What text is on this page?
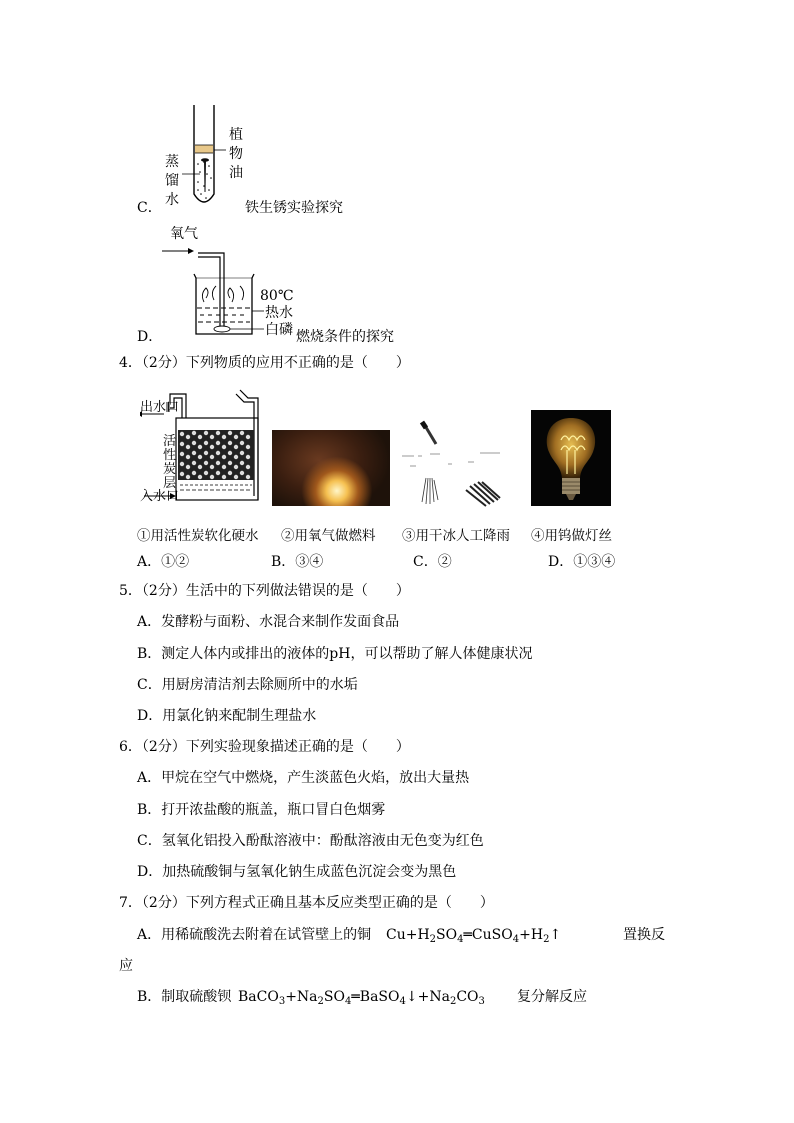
蒸
馏
水
植
物
油
C．	铁生锈实验探究
氧气
80℃
热水
白磷
D．	燃烧条件的探究
4．（2分）下列物质的应用不正确的是（　　）
出水口
入水口
活
性
炭
层
①用活性炭软化硬水 ②用氧气做燃料 ③用干冰人工降雨 ④用钨做灯丝
A．①②	B．③④	C．②	D．①③④
5．（2分）生活中的下列做法错误的是（　　）
A．发酵粉与面粉、水混合来制作发面食品
B．测定人体内或排出的液体的pH，可以帮助了解人体健康状况
C．用厨房清洁剂去除厕所中的水垢
D．用氯化钠来配制生理盐水
6．（2分）下列实验现象描述正确的是（　　）
A．甲烷在空气中燃烧，产生淡蓝色火焰，放出大量热
B．打开浓盐酸的瓶盖，瓶口冒白色烟雾
C．氢氧化铝投入酚酞溶液中：酚酞溶液由无色变为红色
D．加热硫酸铜与氢氧化钠生成蓝色沉淀会变为黑色
7．（2分）下列方程式正确且基本反应类型正确的是（　　）
A．用稀硫酸洗去附着在试管壁上的铜 $Cu+H_2SO_4═CuSO_4+H_2↑$	置换反
应
B．制取硫酸钡 $BaCO_3+Na_2SO_4═BaSO_4↓+Na_2CO_3$ 复分解反应
